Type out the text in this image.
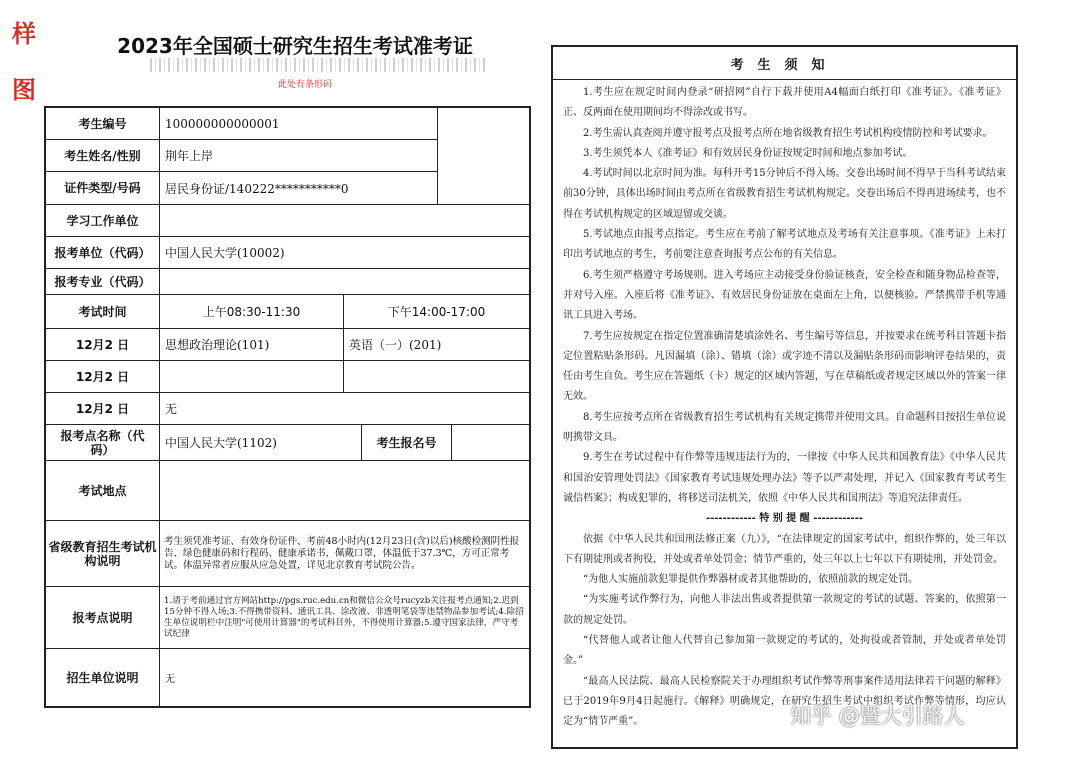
样
图
2023年全国硕士研究生招生考试准考证
此处有条形码
考生编号	100000000000001
考生姓名/性别	荆年上岸
证件类型/号码	居民身份证/140222***********0
学习工作单位
报考单位（代码）	中国人民大学(10002)
报考专业（代码）
考试时间	上午08:30-11:30	下午14:00-17:00
12月2 日	思想政治理论(101)	英语（一）(201)
12月2 日
12月2 日	无
报考点名称（代码）	中国人民大学(1102)	考生报名号
考试地点
省级教育招生考试机构说明
考生须凭准考证、有效身份证件、考前48小时内(12月23日(含)以后)核酸检测阴性报告、绿色健康码和行程码、健康承诺书，佩戴口罩，体温低于37.3℃，方可正常考试。体温异常者应服从应急处置，详见北京教育考试院公告。
报考点说明
1.请于考前通过官方网站http://pgs.ruc.edu.cn和微信公众号rucyzb关注报考点通知;2.迟到15分钟不得入场;3.不得携带资料、通讯工具、涂改液、非透明笔袋等违禁物品参加考试;4.除招生单位说明栏中注明"可使用计算器"的考试科目外，不得使用计算器;5.遵守国家法律，严守考试纪律
招生单位说明	无
考生须知

1.考生应在规定时间内登录“研招网”自行下载并使用A4幅面白纸打印《准考证》。《准考证》正、反两面在使用期间均不得涂改或书写。

2.考生需认真查阅并遵守报考点及报考点所在地省级教育招生考试机构疫情防控和考试要求。

3.考生须凭本人《准考证》和有效居民身份证按规定时间和地点参加考试。

4.考试时间以北京时间为准。每科开考15分钟后不得入场。交卷出场时间不得早于当科考试结束前30分钟，具体出场时间由考点所在省级教育招生考试机构规定。交卷出场后不得再进场续考，也不得在考试机构规定的区域逗留或交谈。

5.考试地点由报考点指定。考生应在考前了解考试地点及考场有关注意事项。《准考证》上未打印出考试地点的考生，考前要注意查询报考点公布的有关信息。

6.考生须严格遵守考场规则。进入考场应主动接受身份验证核查，安全检查和随身物品检查等，并对号入座。入座后将《准考证》、有效居民身份证放在桌面左上角，以便核验。严禁携带手机等通讯工具进入考场。

7.考生应按规定在指定位置准确清楚填涂姓名、考生编号等信息，并按要求在统考科目答题卡指定位置粘贴条形码。凡因漏填（涂）、错填（涂）或字迹不清以及漏贴条形码而影响评卷结果的，责任由考生自负。考生应在答题纸（卡）规定的区域内答题，写在草稿纸或者规定区域以外的答案一律无效。

8.考生应按考点所在省级教育招生考试机构有关规定携带并使用文具。自命题科目按招生单位说明携带文具。

9.考生在考试过程中有作弊等违规违法行为的，一律按《中华人民共和国教育法》《中华人民共和国治安管理处罚法》《国家教育考试违规处理办法》等予以严肃处理，并记入《国家教育考试考生诚信档案》；构成犯罪的，将移送司法机关，依照《中华人民共和国刑法》等追究法律责任。

------------ 特 别 提 醒 ------------

依据《中华人民共和国刑法修正案（九）》，“在法律规定的国家考试中，组织作弊的，处三年以下有期徒刑或者拘役，并处或者单处罚金；情节严重的，处三年以上七年以下有期徒刑，并处罚金。

“为他人实施前款犯罪提供作弊器材或者其他帮助的，依照前款的规定处罚。

“为实施考试作弊行为，向他人非法出售或者提供第一款规定的考试的试题、答案的，依照第一款的规定处罚。

“代替他人或者让他人代替自己参加第一款规定的考试的，处拘役或者管制，并处或者单处罚金。”

“最高人民法院、最高人民检察院关于办理组织考试作弊等刑事案件适用法律若干问题的解释》已于2019年9月4日起施行。《解释》明确规定，在研究生招生考试中组织考试作弊等情形，均应认定为“情节严重”。	知乎 @暨大引路人
